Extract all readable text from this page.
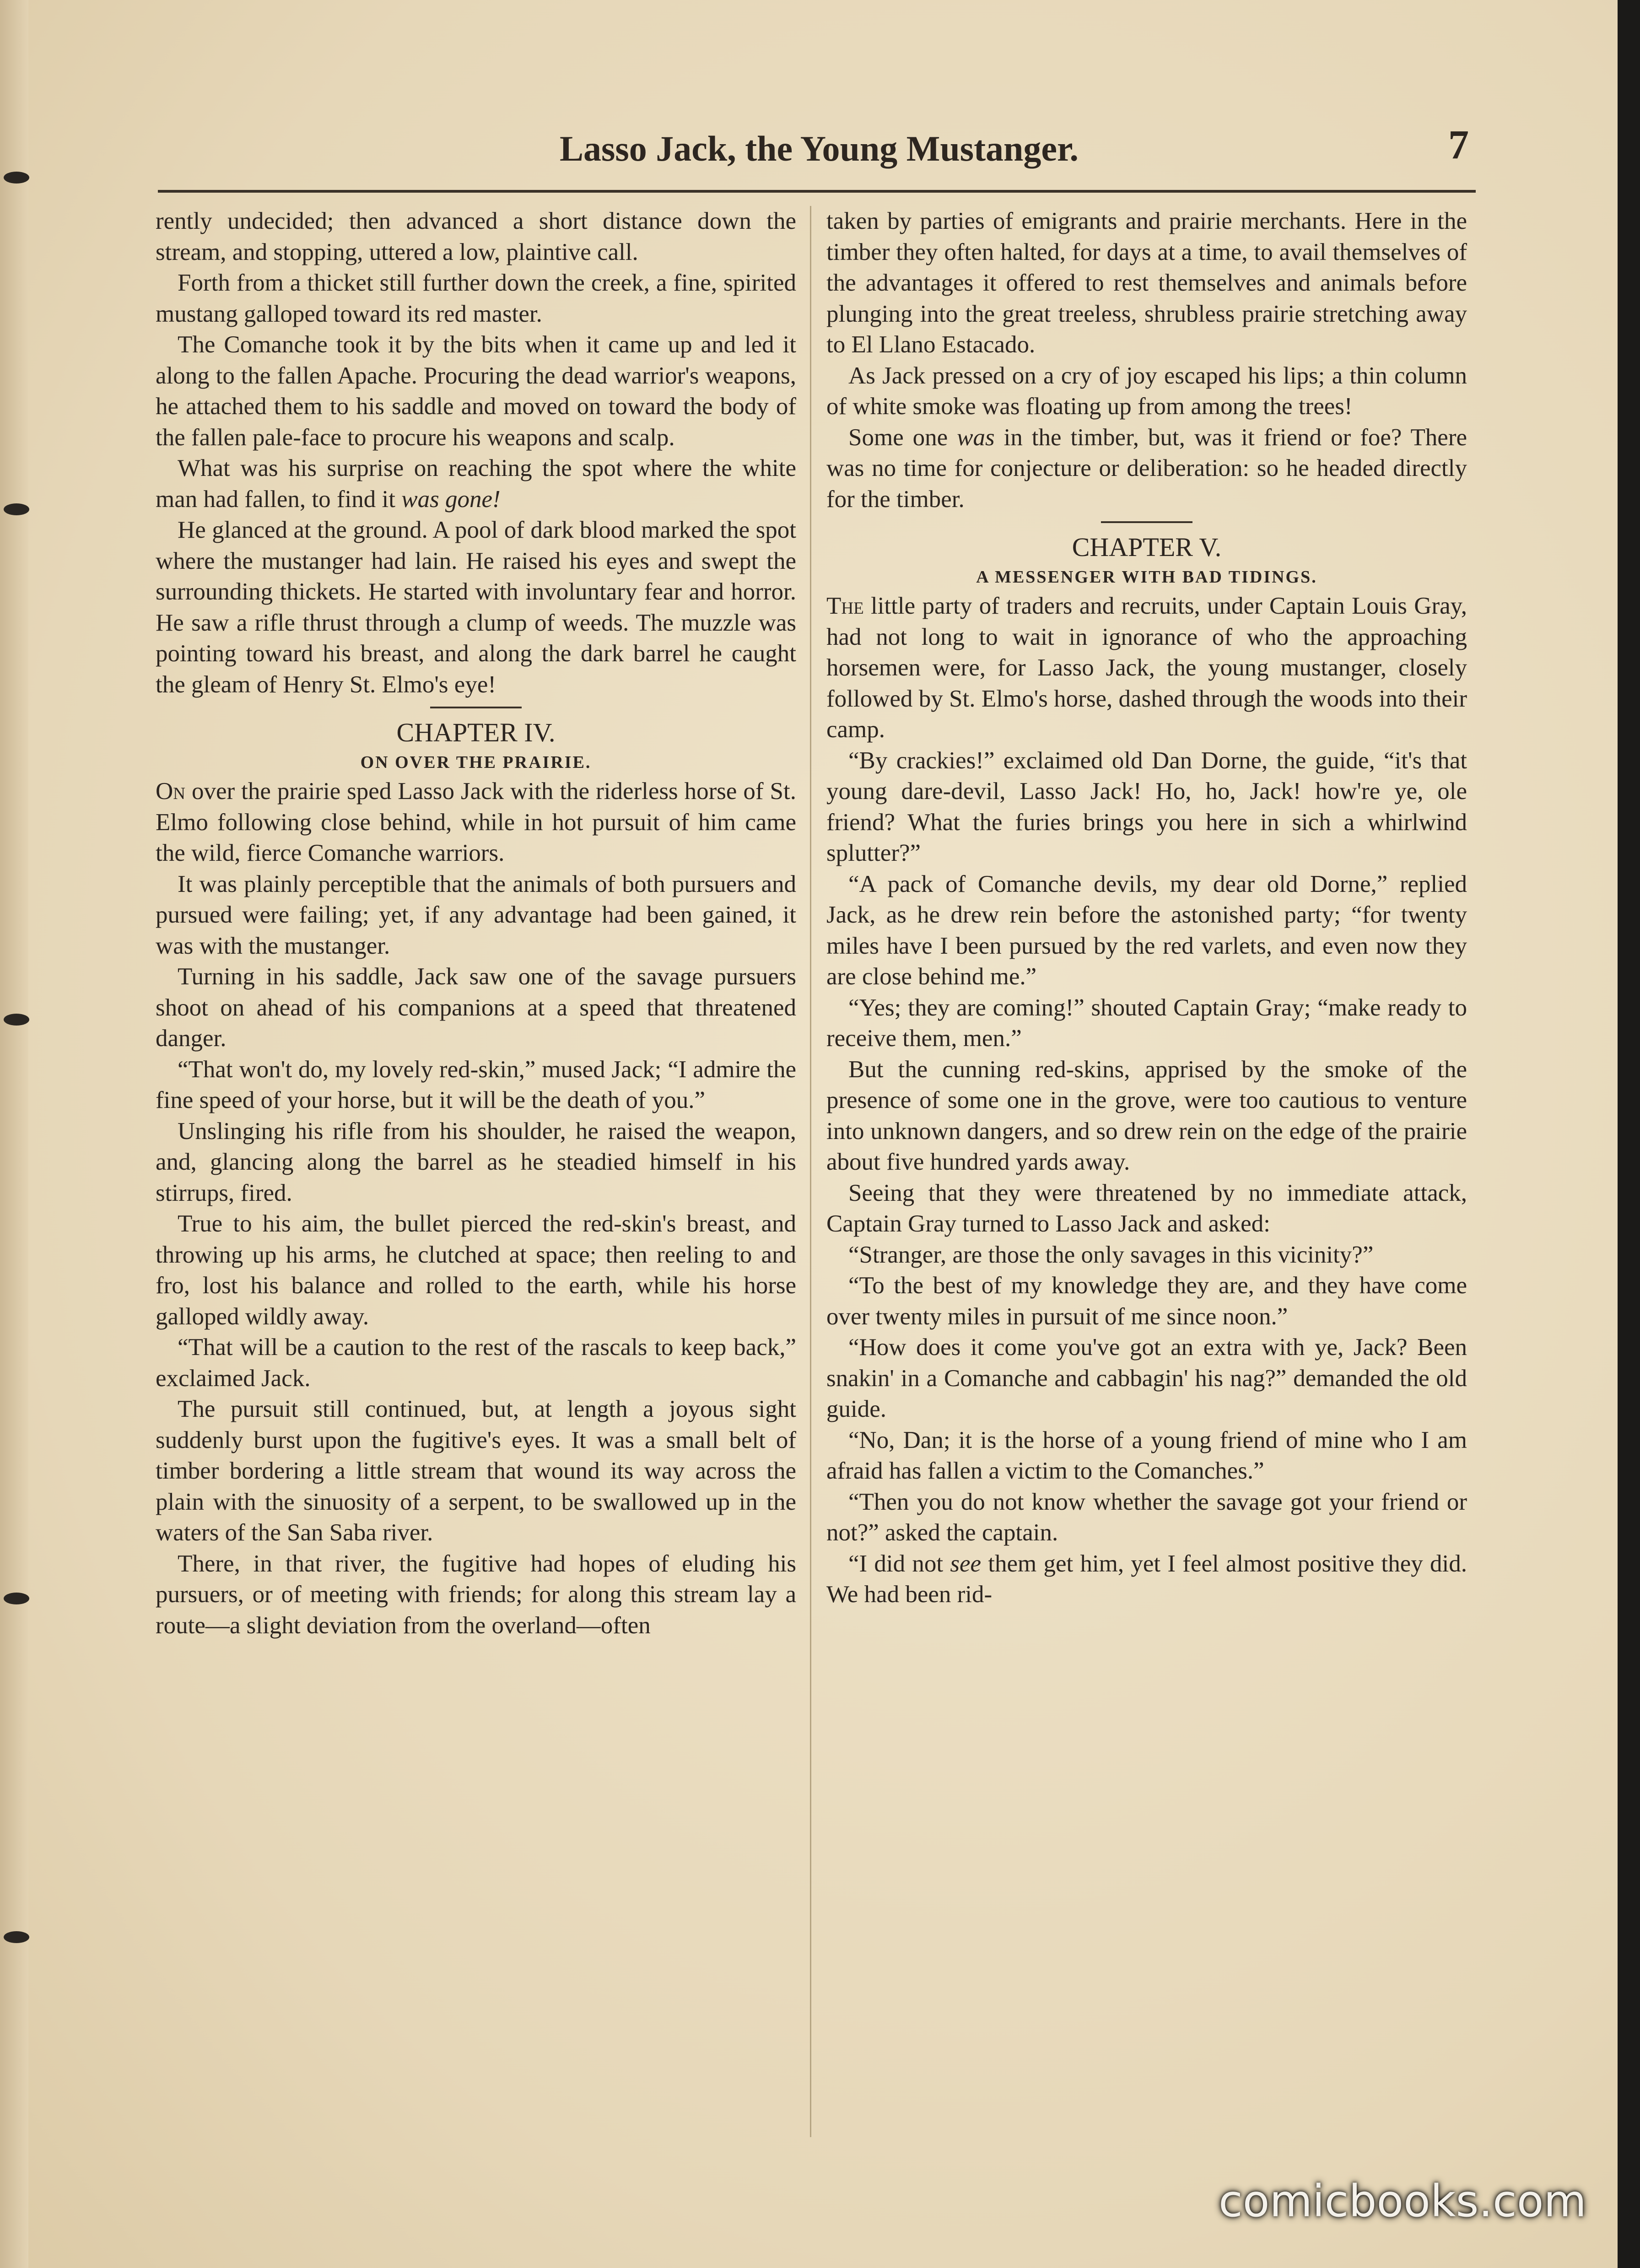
Lasso Jack, the Young Mustanger.	7

rently undecided; then advanced a short distance down the stream, and stopping, uttered a low, plaintive call.

Forth from a thicket still further down the creek, a fine, spirited mustang galloped toward its red master.

The Comanche took it by the bits when it came up and led it along to the fallen Apache. Procuring the dead warrior's weapons, he attached them to his saddle and moved on toward the body of the fallen pale-face to procure his weapons and scalp.

What was his surprise on reaching the spot where the white man had fallen, to find it was gone!

He glanced at the ground. A pool of dark blood marked the spot where the mustanger had lain. He raised his eyes and swept the surrounding thickets. He started with involuntary fear and horror. He saw a rifle thrust through a clump of weeds. The muzzle was pointing toward his breast, and along the dark barrel he caught the gleam of Henry St. Elmo's eye!

CHAPTER IV.
ON OVER THE PRAIRIE.

On over the prairie sped Lasso Jack with the riderless horse of St. Elmo following close behind, while in hot pursuit of him came the wild, fierce Comanche warriors.

It was plainly perceptible that the animals of both pursuers and pursued were failing; yet, if any advantage had been gained, it was with the mustanger.

Turning in his saddle, Jack saw one of the savage pursuers shoot on ahead of his companions at a speed that threatened danger.

“That won't do, my lovely red-skin,” mused Jack; “I admire the fine speed of your horse, but it will be the death of you.”

Unslinging his rifle from his shoulder, he raised the weapon, and, glancing along the barrel as he steadied himself in his stirrups, fired.

True to his aim, the bullet pierced the red-skin's breast, and throwing up his arms, he clutched at space; then reeling to and fro, lost his balance and rolled to the earth, while his horse galloped wildly away.

“That will be a caution to the rest of the rascals to keep back,” exclaimed Jack.

The pursuit still continued, but, at length a joyous sight suddenly burst upon the fugitive's eyes. It was a small belt of timber bordering a little stream that wound its way across the plain with the sinuosity of a serpent, to be swallowed up in the waters of the San Saba river.

There, in that river, the fugitive had hopes of eluding his pursuers, or of meeting with friends; for along this stream lay a route—a slight deviation from the overland—often

taken by parties of emigrants and prairie merchants. Here in the timber they often halted, for days at a time, to avail themselves of the advantages it offered to rest themselves and animals before plunging into the great treeless, shrubless prairie stretching away to El Llano Estacado.

As Jack pressed on a cry of joy escaped his lips; a thin column of white smoke was floating up from among the trees!

Some one was in the timber, but, was it friend or foe? There was no time for conjecture or deliberation: so he headed directly for the timber.

CHAPTER V.
A MESSENGER WITH BAD TIDINGS.

The little party of traders and recruits, under Captain Louis Gray, had not long to wait in ignorance of who the approaching horsemen were, for Lasso Jack, the young mustanger, closely followed by St. Elmo's horse, dashed through the woods into their camp.

“By crackies!” exclaimed old Dan Dorne, the guide, “it's that young dare-devil, Lasso Jack! Ho, ho, Jack! how're ye, ole friend? What the furies brings you here in sich a whirlwind splutter?”

“A pack of Comanche devils, my dear old Dorne,” replied Jack, as he drew rein before the astonished party; “for twenty miles have I been pursued by the red varlets, and even now they are close behind me.”

“Yes; they are coming!” shouted Captain Gray; “make ready to receive them, men.”

But the cunning red-skins, apprised by the smoke of the presence of some one in the grove, were too cautious to venture into unknown dangers, and so drew rein on the edge of the prairie about five hundred yards away.

Seeing that they were threatened by no immediate attack, Captain Gray turned to Lasso Jack and asked:

“Stranger, are those the only savages in this vicinity?”

“To the best of my knowledge they are, and they have come over twenty miles in pursuit of me since noon.”

“How does it come you've got an extra with ye, Jack? Been snakin' in a Comanche and cabbagin' his nag?” demanded the old guide.

“No, Dan; it is the horse of a young friend of mine who I am afraid has fallen a victim to the Comanches.”

“Then you do not know whether the savage got your friend or not?” asked the captain.

“I did not see them get him, yet I feel almost positive they did. We had been rid-

comicbooks.com
